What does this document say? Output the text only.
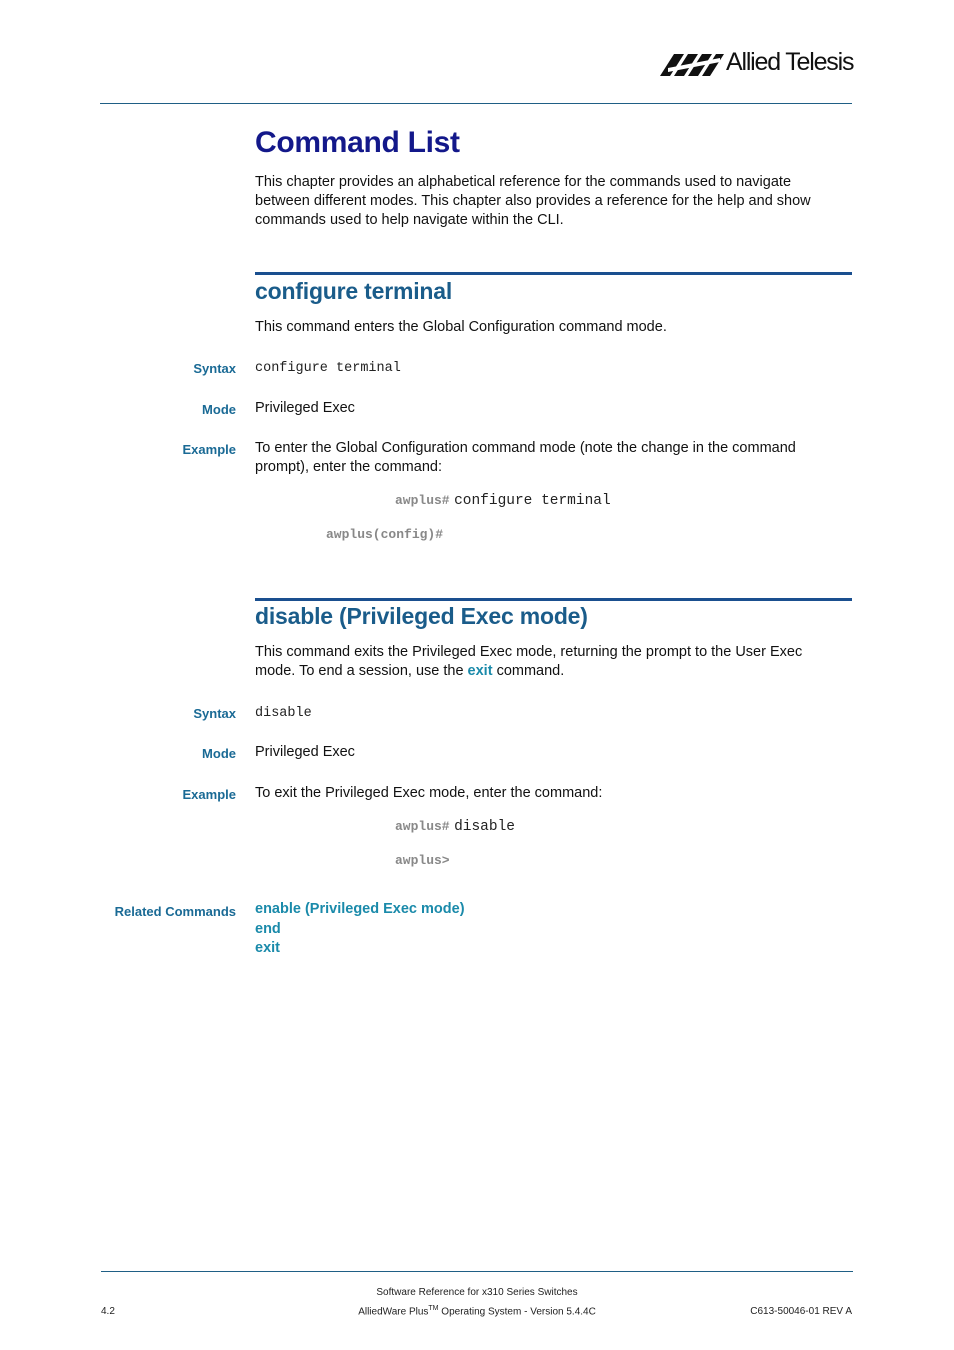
Allied Telesis
Command List
This chapter provides an alphabetical reference for the commands used to navigate between different modes. This chapter also provides a reference for the help and show commands used to help navigate within the CLI.
configure terminal
This command enters the Global Configuration command mode.
Syntax configure terminal
Mode Privileged Exec
Example To enter the Global Configuration command mode (note the change in the command prompt), enter the command:
awplus# configure terminal
awplus(config)#
disable (Privileged Exec mode)
This command exits the Privileged Exec mode, returning the prompt to the User Exec mode. To end a session, use the exit command.
Syntax disable
Mode Privileged Exec
Example To exit the Privileged Exec mode, enter the command:
awplus# disable
awplus>
Related Commands enable (Privileged Exec mode)
end
exit
Software Reference for x310 Series Switches
AlliedWare Plus™ Operating System - Version 5.4.4C
4.2	C613-50046-01 REV A
